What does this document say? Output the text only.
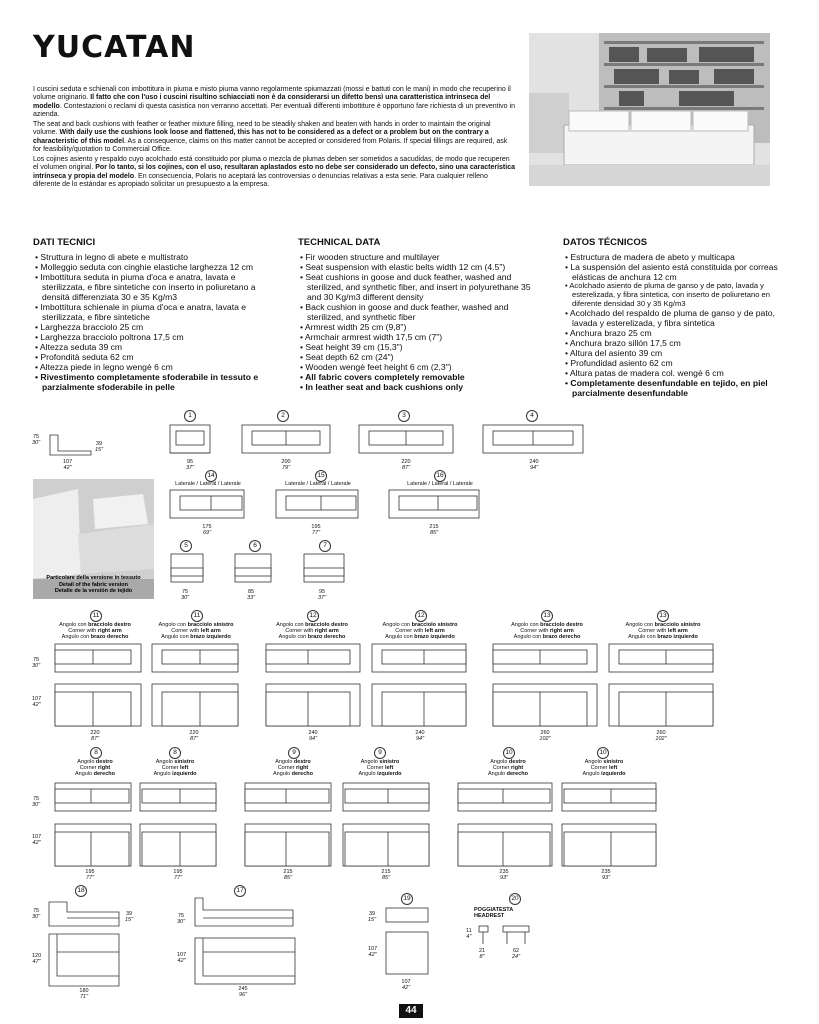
YUCATAN
I cuscini seduta e schienali con imbottitura in piuma e misto piuma vanno regolarmente spiumazzati (mossi e battuti con le mani) in modo che recuperino il volume originario. Il fatto che con l'uso i cuscini risultino schiacciati non è da considerarsi un difetto bensì una caratteristica intrinseca del modello. Contestazioni o reclami di questa casistica non verranno accettati. Per eventuali differenti imbottiture è opportuno fare richiesta di un preventivo in azienda.
The seat and back cushions with feather or feather mixture filling, need to be steadily shaken and beaten with hands in order to maintain the original volume. With daily use the cushions look loose and flattened, this has not to be considered as a defect or a problem but on the contrary a characteristic of this model. As a consequence, claims on this matter cannot be accepted or considered from Polaris. If special fillings are required, ask for feasibility/quotation to Commercial Office.
Los cojines asiento y respaldo cuyo acolchado está constituido por pluma o mezcla de plumas deben ser sometidos a sacudidas, de modo que recuperen el volumen original. Por lo tanto, si los cojines, con el uso, resultaran aplastados esto no debe ser considerado un defecto, sino una característica intrínseca y propia del modelo. En consecuencia, Polaris no aceptará las controversias o denuncias relativas a esta serie. Para cualquier relleno diferente de lo estándar es apropiado solicitar un presupuesto a la empresa.
DATI TECNICI
• Struttura in legno di abete e multistrato
• Molleggio seduta con cinghie elastiche larghezza 12 cm
• Imbottitura seduta in piuma d'oca e anatra, lavata e sterilizzata, e fibre sintetiche con inserto in poliuretano a densità differenziata 30 e 35 Kg/m3
• Imbottitura schienale in piuma d'oca e anatra, lavata e sterilizzata, e fibre sintetiche
• Larghezza bracciolo 25 cm
• Larghezza bracciolo poltrona 17,5 cm
• Altezza seduta 39 cm
• Profondità seduta 62 cm
• Altezza piede in legno wengè 6 cm
• Rivestimento completamente sfoderabile in tessuto e parzialmente sfoderabile in pelle
TECHNICAL DATA
• Fir wooden structure and multilayer
• Seat suspension with elastic belts width 12 cm (4.5")
• Seat cushions in goose and duck feather, washed and sterilized, and synthetic fiber, and insert in polyurethane 35 and 30 Kg/m3 different density
• Back cushion in goose and duck feather, washed and sterilized, and synthetic fiber
• Armrest width 25 cm (9,8")
• Armchair armrest width 17,5 cm (7")
• Seat height 39 cm (15,3")
• Seat depth 62 cm (24")
• Wooden wengè feet height 6 cm (2,3")
• All fabric covers completely removable
• In leather seat and back cushions only
DATOS TÉCNICOS
• Estructura de madera de abeto y multicapa
• La suspensión del asiento está constituida por correas elásticas de anchura 12 cm
• Acolchado asiento de pluma de ganso y de pato, lavada y esterelizada, y fibra sintetica, con inserto de poliuretano en diferente densidad 30 y 35 Kg/m3
• Acolchado del respaldo de pluma de ganso y de pato, lavada y esterelizada, y fibra sintetica
• Anchura brazo 25 cm
• Anchura brazo sillón 17,5 cm
• Altura del asiento 39 cm
• Profundidad asiento 62 cm
• Altura patas de madera col. wengè 6 cm
• Completamente desenfundable en tejido, en piel parcialmente desenfundable
75
30"	39
15"
107
42"
1	2	3	4
95
37"
200
79"
220
87"
240
94"
14	15	16
Laterale / Lateral / Laterale	Laterale / Lateral / Laterale	Laterale / Lateral / Laterale
175
69"
195
77"
215
85"
Particolare della versione in tessuto
Detail of the fabric version
Detalle de la versión de tejido
5	6	7
75
30"
85
33"
95
37"
75
30"
107
42"
11
Angolo con bracciolo destro
Corner with right arm
Angulo con brazo derecho
220
87"
11
Angolo con bracciolo sinistro
Corner with left arm
Angulo con brazo izquierdo
220
87"
12
Angolo con bracciolo destro
Corner with right arm
Angulo con brazo derecho
240
94"
12
Angolo con bracciolo sinistro
Corner with left arm
Angulo con brazo izquierdo
240
94"
13
Angolo con bracciolo destro
Corner with right arm
Angulo con brazo derecho
260
102"
13
Angolo con bracciolo sinistro
Corner with left arm
Angulo con brazo izquierdo
260
102"
75
30"
107
42"
8
Angolo destro
Corner right
Angulo derecho
195
77"
8
Angolo sinistro
Corner left
Angulo izquierdo
195
77"
9
Angolo destro
Corner right
Angulo derecho
215
85"
9
Angolo sinistro
Corner left
Angulo izquierdo
215
85"
10
Angolo destro
Corner right
Angulo derecho
235
93"
10
Angolo sinistro
Corner left
Angulo izquierdo
235
93"
18
75
30"	39
15"
120
47"
180
71"
17
75
30"
107
42"
245
96"
19
39
15"
107
42"
107
42"
20
POGGIATESTA
HEADREST
11
4"
21
8"
62
24"
44
